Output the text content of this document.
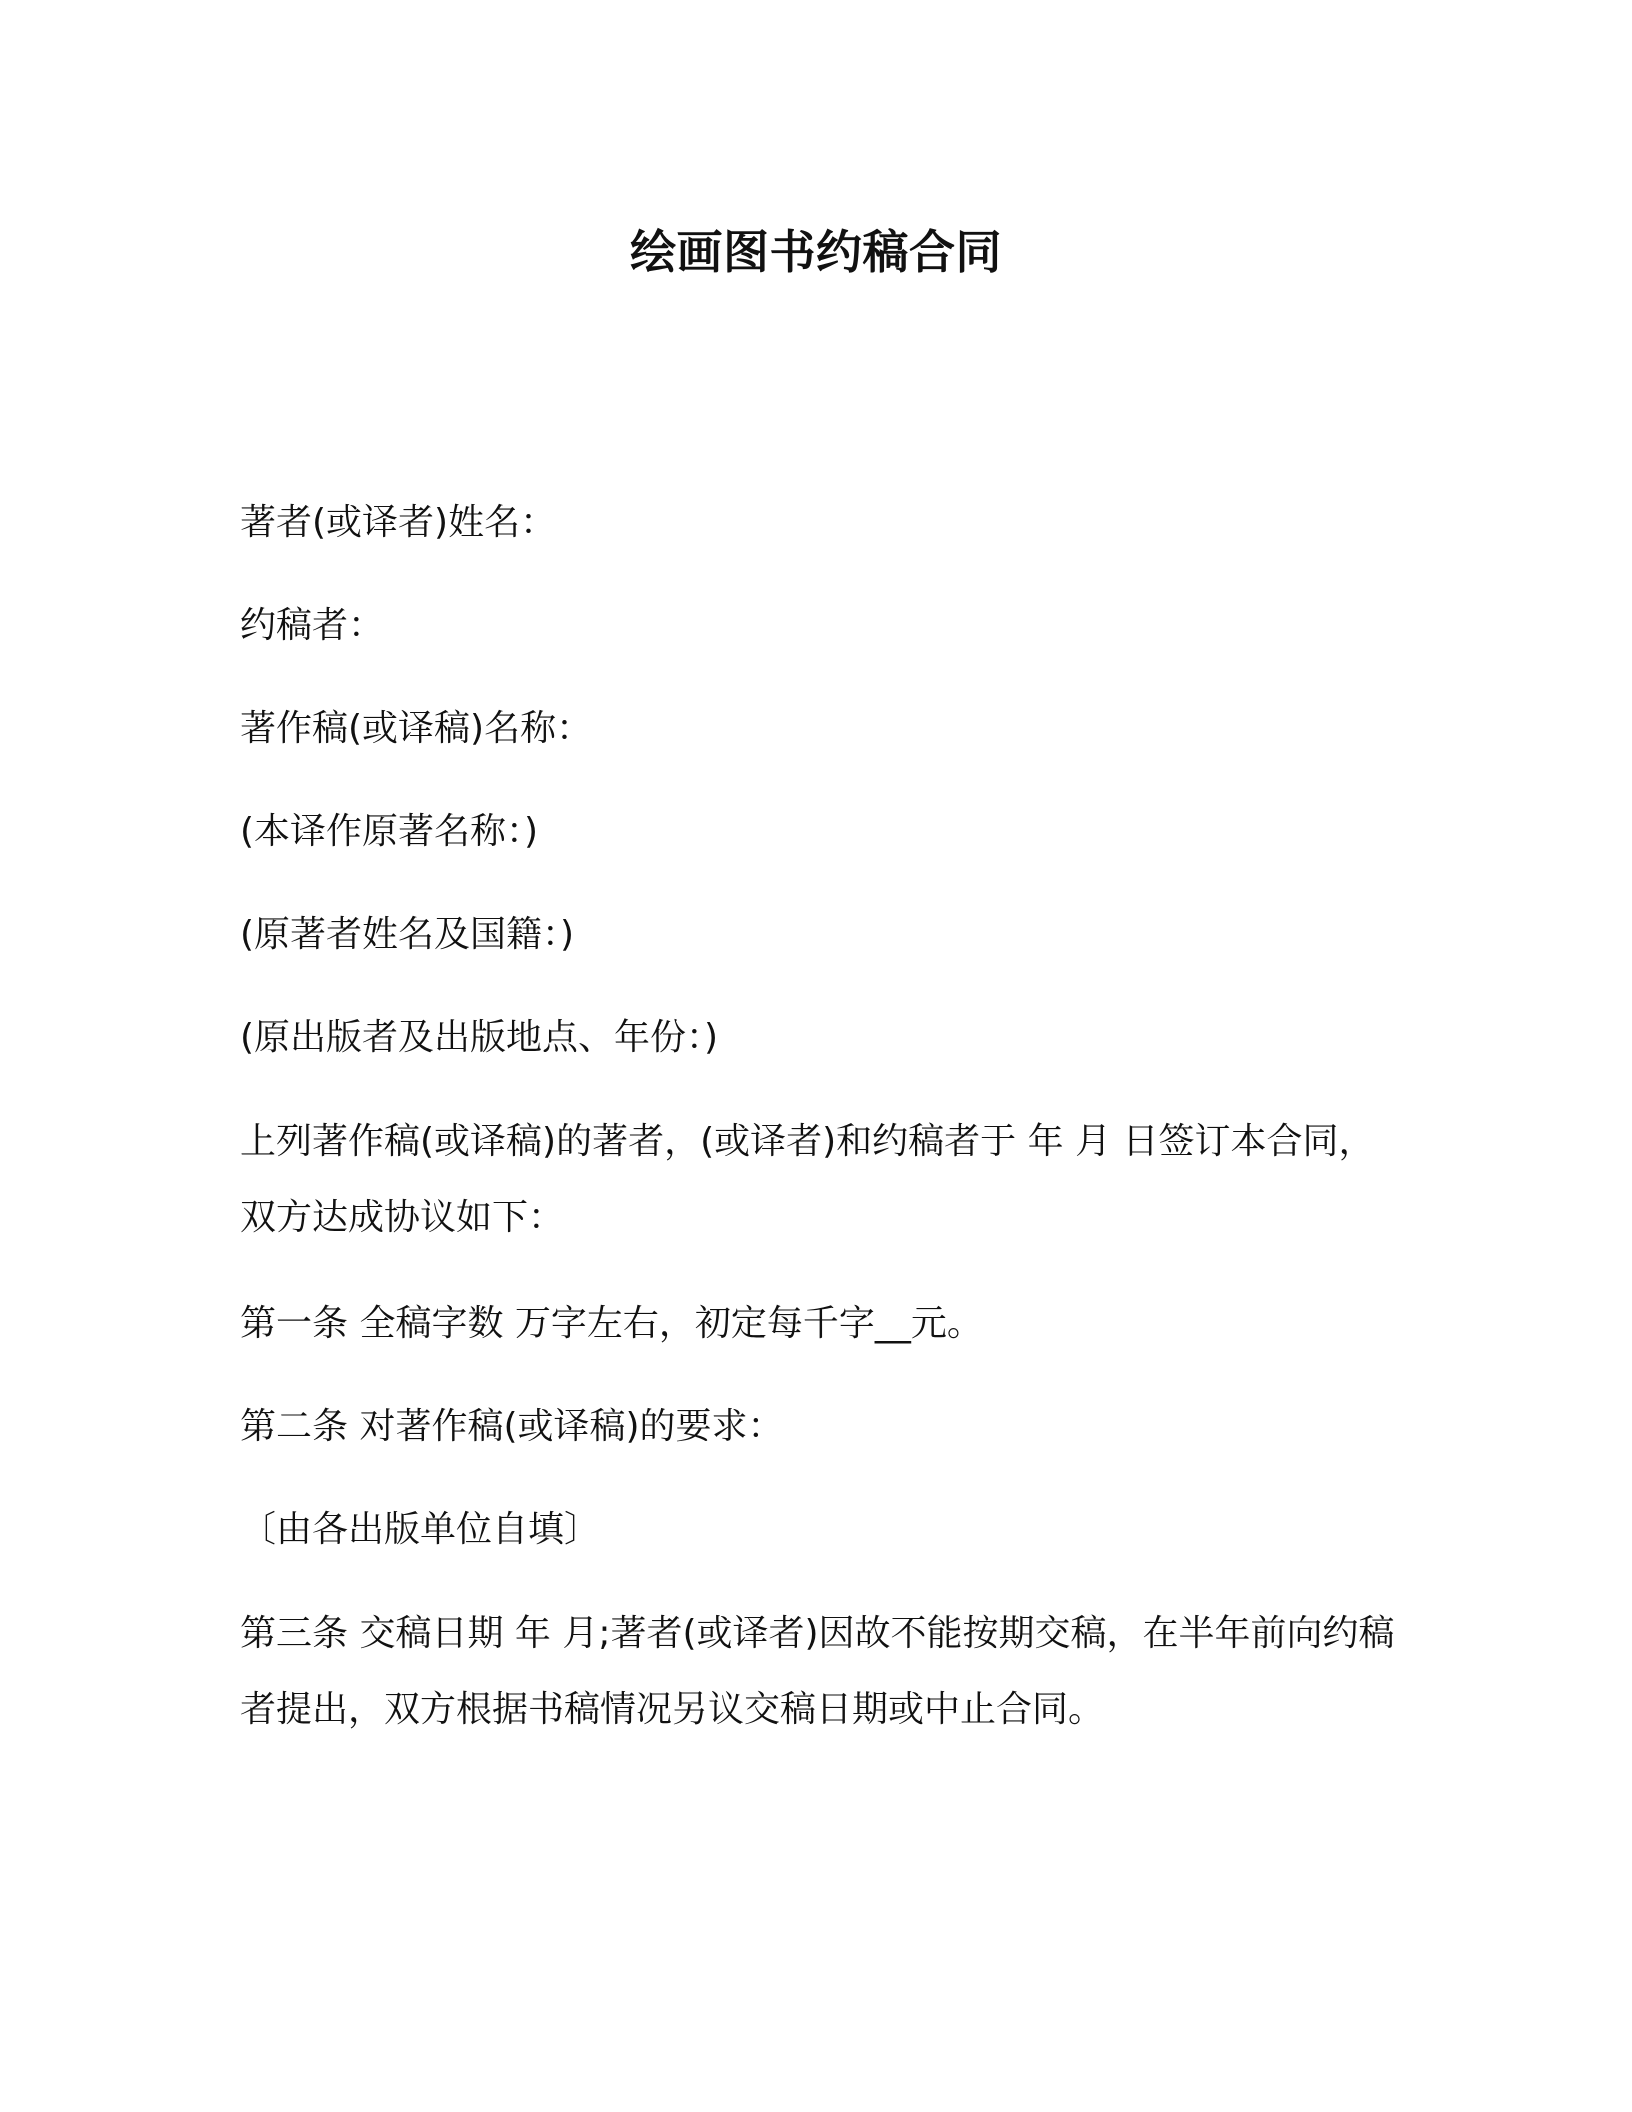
绘画图书约稿合同
著者(或译者)姓名：
约稿者：
著作稿(或译稿)名称：
(本译作原著名称：)
(原著者姓名及国籍：)
(原出版者及出版地点、年份：)
上列著作稿(或译稿)的著者，(或译者)和约稿者于 年 月 日签订本合同，双方达成协议如下：
第一条 全稿字数 万字左右，初定每千字__元。
第二条 对著作稿(或译稿)的要求：
〔由各出版单位自填〕
第三条 交稿日期 年 月;著者(或译者)因故不能按期交稿，在半年前向约稿者提出，双方根据书稿情况另议交稿日期或中止合同。
